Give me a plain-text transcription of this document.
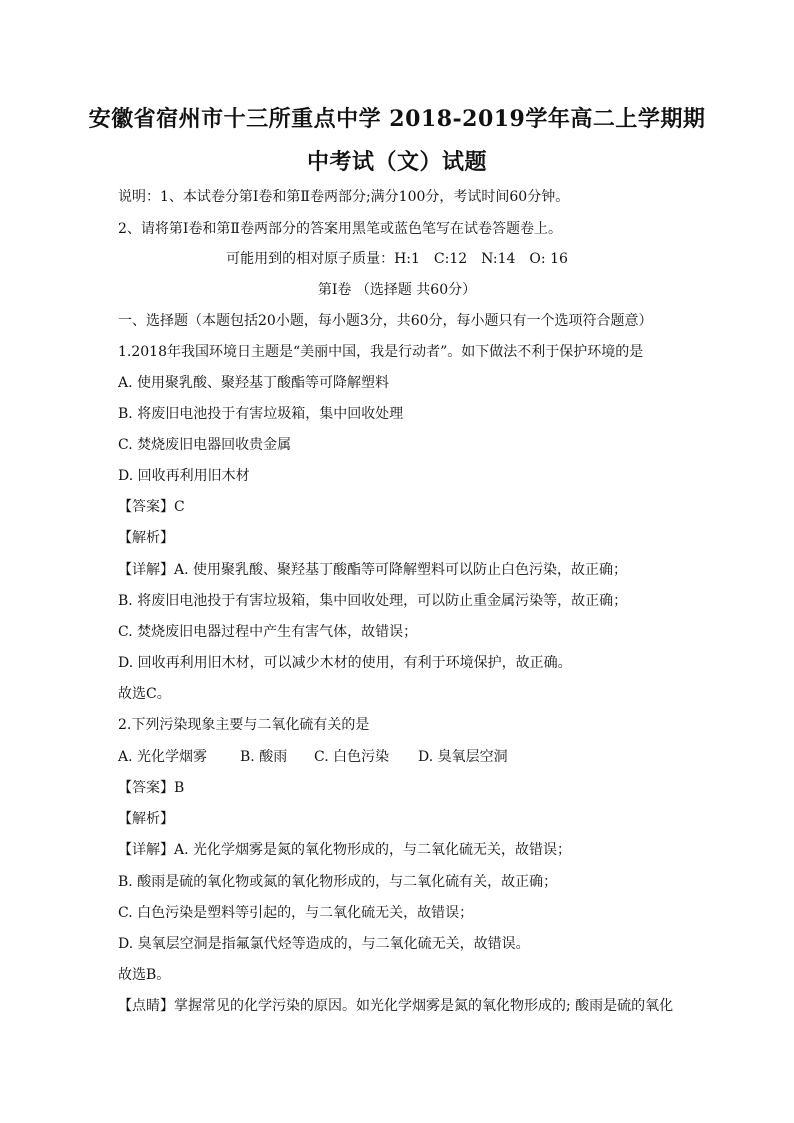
安徽省宿州市十三所重点中学 2018-2019学年高二上学期期
中考试（文）试题
说明：1、本试卷分第Ⅰ卷和第Ⅱ卷两部分;满分100分，考试时间60分钟。
2、请将第Ⅰ卷和第Ⅱ卷两部分的答案用黑笔或蓝色笔写在试卷答题卷上。
可能用到的相对原子质量：H:1　C:12　N:14　O: 16
第Ⅰ卷 （选择题 共60分）
一、选择题（本题包括20小题，每小题3分，共60分，每小题只有一个选项符合题意）
1.2018年我国环境日主题是“美丽中国，我是行动者”。如下做法不利于保护环境的是
A. 使用聚乳酸、聚羟基丁酸酯等可降解塑料
B. 将废旧电池投于有害垃圾箱，集中回收处理
C. 焚烧废旧电器回收贵金属
D. 回收再利用旧木材
【答案】C
【解析】
【详解】A. 使用聚乳酸、聚羟基丁酸酯等可降解塑料可以防止白色污染，故正确；
B. 将废旧电池投于有害垃圾箱，集中回收处理，可以防止重金属污染等，故正确；
C. 焚烧废旧电器过程中产生有害气体，故错误；
D. 回收再利用旧木材，可以减少木材的使用，有利于环境保护，故正确。
故选C。
2.下列污染现象主要与二氧化硫有关的是
A. 光化学烟雾 B. 酸雨 C. 白色污染 D. 臭氧层空洞
【答案】B
【解析】
【详解】A. 光化学烟雾是氮的氧化物形成的，与二氧化硫无关，故错误；
B. 酸雨是硫的氧化物或氮的氧化物形成的，与二氧化硫有关，故正确；
C. 白色污染是塑料等引起的，与二氧化硫无关，故错误；
D. 臭氧层空洞是指氟氯代烃等造成的，与二氧化硫无关，故错误。
故选B。
【点睛】掌握常见的化学污染的原因。如光化学烟雾是氮的氧化物形成的; 酸雨是硫的氧化
